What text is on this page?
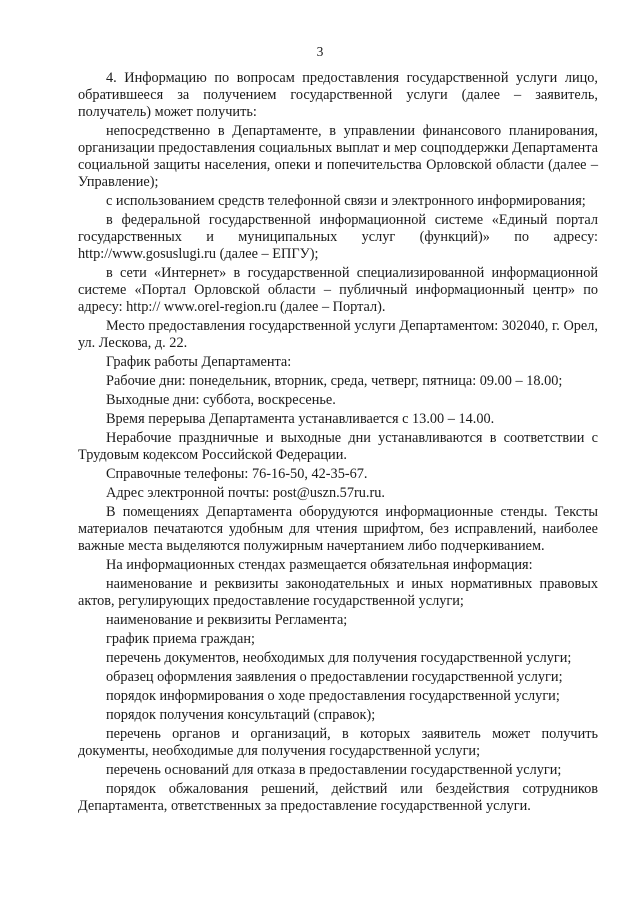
3

4. Информацию по вопросам предоставления государственной услуги лицо, обратившееся за получением государственной услуги (далее – заявитель, получатель) может получить:

непосредственно в Департаменте, в управлении финансового планирования, организации предоставления социальных выплат и мер соцподдержки Департамента социальной защиты населения, опеки и попечительства Орловской области (далее – Управление);

с использованием средств телефонной связи и электронного информирования;

в федеральной государственной информационной системе «Единый портал государственных и муниципальных услуг (функций)» по адресу: http://www.gosuslugi.ru (далее – ЕПГУ);

в сети «Интернет» в государственной специализированной информационной системе «Портал Орловской области – публичный информационный центр» по адресу: http:// www.orel-region.ru (далее – Портал).

Место предоставления государственной услуги Департаментом: 302040, г. Орел, ул. Лескова, д. 22.

График работы Департамента:

Рабочие дни: понедельник, вторник, среда, четверг, пятница: 09.00 – 18.00;

Выходные дни: суббота, воскресенье.

Время перерыва Департамента устанавливается с 13.00 – 14.00.

Нерабочие праздничные и выходные дни устанавливаются в соответствии с Трудовым кодексом Российской Федерации.

Справочные телефоны: 76-16-50, 42-35-67.

Адрес электронной почты: post@uszn.57ru.ru.

В помещениях Департамента оборудуются информационные стенды. Тексты материалов печатаются удобным для чтения шрифтом, без исправлений, наиболее важные места выделяются полужирным начертанием либо подчеркиванием.

На информационных стендах размещается обязательная информация:

наименование и реквизиты законодательных и иных нормативных правовых актов, регулирующих предоставление государственной услуги;

наименование и реквизиты Регламента;

график приема граждан;

перечень документов, необходимых для получения государственной услуги;

образец оформления заявления о предоставлении государственной услуги;

порядок информирования о ходе предоставления государственной услуги;

порядок получения консультаций (справок);

перечень органов и организаций, в которых заявитель может получить документы, необходимые для получения государственной услуги;

перечень оснований для отказа в предоставлении государственной услуги;

порядок обжалования решений, действий или бездействия сотрудников Департамента, ответственных за предоставление государственной услуги.
